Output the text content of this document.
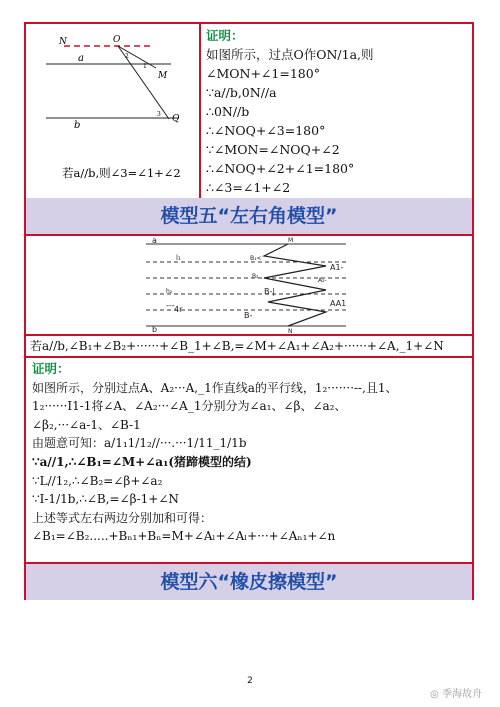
N	O
a
M
b
Q
2
1
3
若a//b,则∠3=∠1+∠2
证明：
如图所示，过点O作ON/1a,则
∠MON+∠1=180°
∵a//b,0N//a
∴0N//b
∴∠NOQ+∠3=180°
∵∠MON=∠NOQ+∠2
∴∠NOQ+∠2+∠1=180°
∴∠3=∠1+∠2
模型五“左右角模型”
a
b
M
N
l₁
h₂
B₁<
B₂
A1-
A₂-
B-|
AA1
4r
B-
---
若a//b,∠B₁+∠B₂+······+∠B_1+∠B,=∠M+∠A₁+∠A₂+······+∠A,_1+∠N
证明：
如图所示，分别过点A、A₂···A,_1作直线a的平行线，1₂·······--,且1、
1₂······I1-1将∠A、∠A₂···∠A_1分别分为∠a₁、∠β、∠a₂、
∠β₂,···∠a-1、∠B-1
由题意可知：a/1₁1/1₂//···.···1/11_1/1b
∵a//1,∴∠B₁=∠M+∠a₁(猪蹄模型的结)
∵L//1₂,∴∠B₂=∠β+∠a₂
∵I-1/1b,∴∠B,=∠β-1+∠N
上述等式左右两边分别加和可得：
∠B₁=∠B₂.....+Bₙ₁+Bₙ=M+∠Aₗ+∠Aₗ+···+∠Aₙ₁+∠n
模型六“橡皮擦模型”
2
◎ 季海故舟
